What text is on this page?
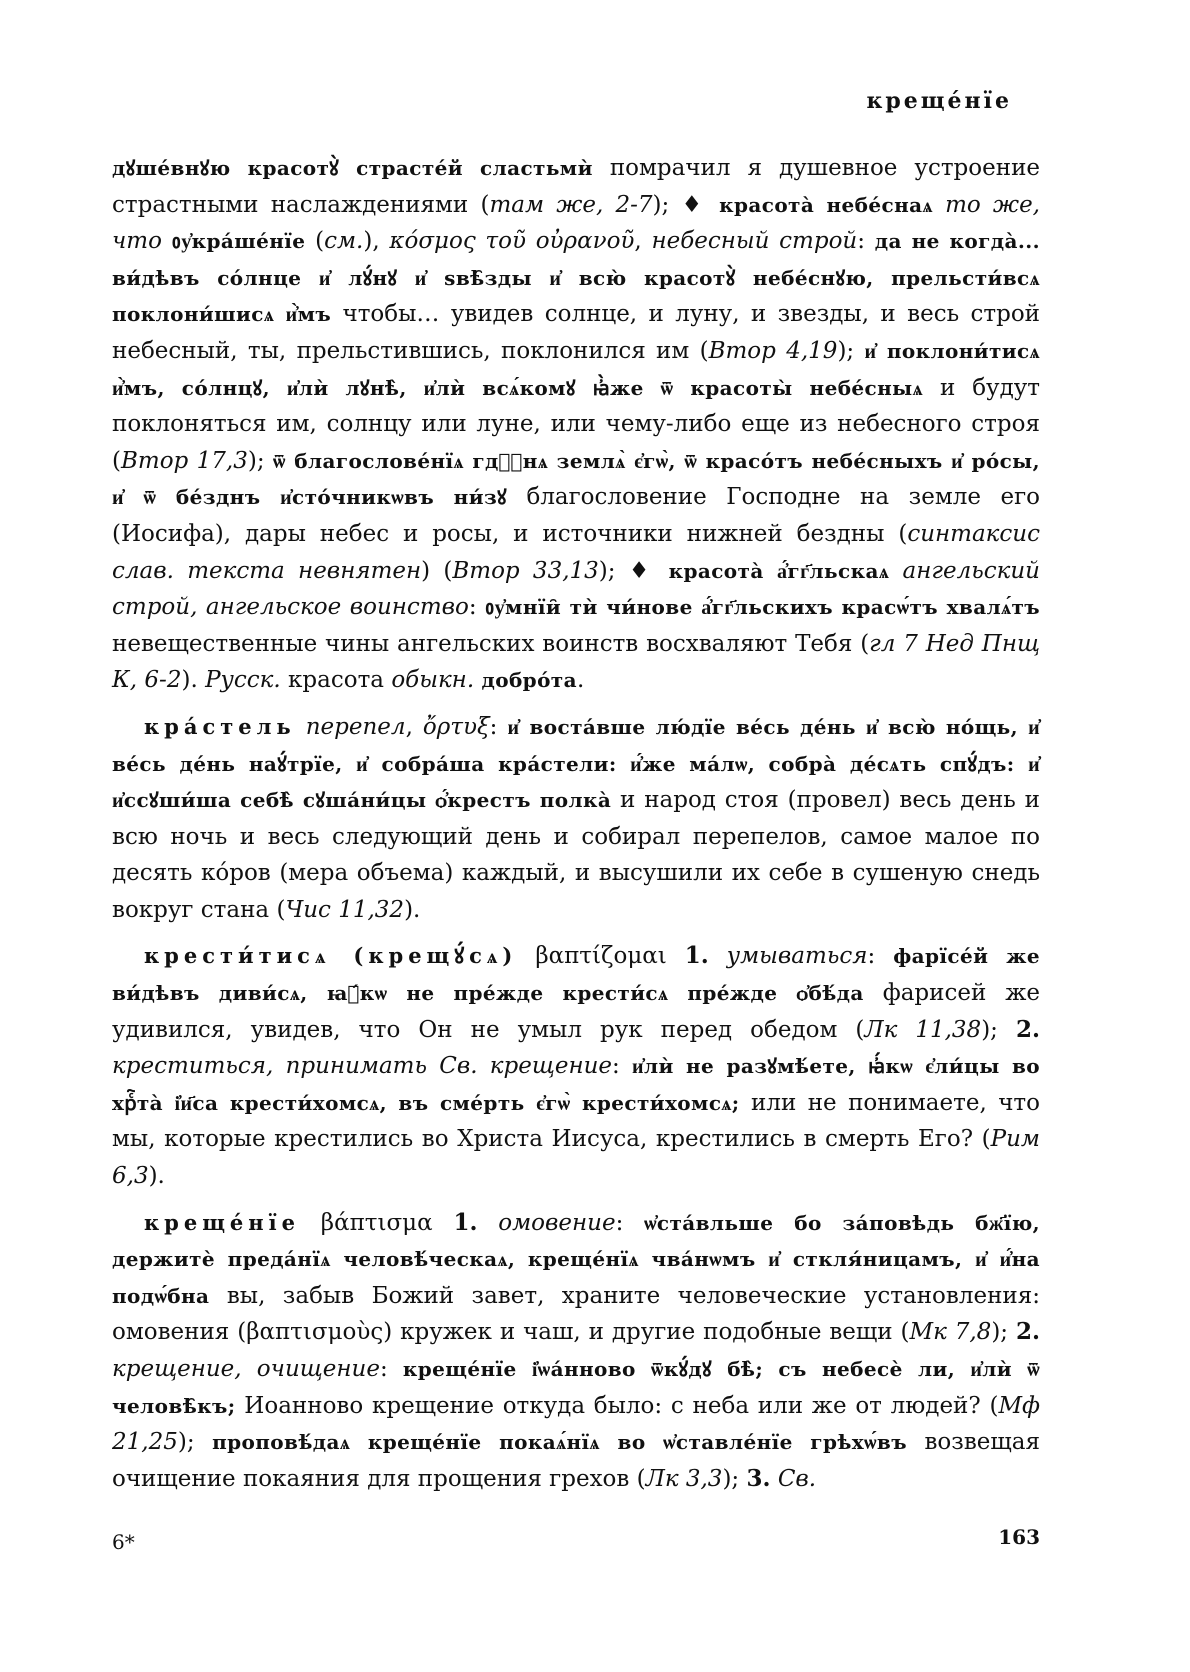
крещéнїе

дꙋшéвнꙋю красотꙋ̀ страстéй сластьмѝ помрачил я душевное устроение страстными наслаждениями (там же, 2-7); ♦ красотà небéснаѧ то же, что ᲂу҆кра́шéнїе (см.), κόσμος τοῦ οὐρανοῦ, небесный строй: да не когдà... ви́дѣвъ сóлнце и҆ лꙋ́нꙋ и҆ ѕвѣ̑зды и҆ всю̀ красотꙋ̀ небéснꙋю, прельсти́всѧ поклони́шисѧ и҆̀мъ чтобы… увидев солнце, и луну, и звезды, и весь строй небесный, ты, прельстившись, поклонился им (Втор 4,19); и҆ поклони́тисѧ и҆̀мъ, сóлнцꙋ, и҆лѝ лꙋнѣ̀, и҆лѝ всѧ́комꙋ ꙗ҆̀же ѿ красоты̀ небéсныѧ и будут поклоняться им, солнцу или луне, или чему-либо еще из небесного строя (Втор 17,3); ѿ благословéнїѧ гдⷭ҇нѧ землѧ̀ є҆гѡ̀, ѿ красóтъ небéсныхъ и҆ ро́сы, и҆ ѿ бе́зднъ и҆сто́чникѡвъ ни́зꙋ благословение Господне на земле его (Иосифа), дары небес и росы, и источники нижней бездны (синтаксис слав. текста невнятен) (Втор 33,13); ♦ красотà а҆́гг҃льскаѧ ангельский строй, ангельское воинство: ᲂу҆мнїи̑ тѝ чи́нове а҆́гг҃льскихъ красѡ́тъ хвалѧ́тъ невещественные чины ангельских воинств восхваляют Тебя (гл 7 Нед Пнщ К, 6-2). Русск. красота обыкн. добрóта.

крáстель перепел, ὄρτυξ: и҆ востáвше лю́дїе вéсь дéнь и҆ всю̀ но́щь, и҆ вéсь дéнь наꙋ́трїе, и҆ собра́ша крáстели: и҆́же мáлѡ, собрà дéсѧть спꙋ́дъ: и҆ и҆ссꙋши́ша себѣ̀ сꙋша́ни́цы ѻ҆́крестъ полкà и народ стоя (провел) весь день и всю ночь и весь следующий день и собирал перепелов, самое малое по десять кóров (мера объема) каждый, и высушили их себе в сушеную снедь вокруг стана (Чис 11,32).

крести́тисѧ (крещꙋ́сѧ) βαπτίζομαι 1. умываться: фарїсéй же ви́дѣвъ диви́сѧ, ꙗ҆́кѡ не пре́жде крести́сѧ пре́жде ѻ҆бѣ́да фарисей же удивился, увидев, что Он не умыл рук перед обедом (Лк 11,38); 2. креститься, принимать Св. крещение: и҆лѝ не разꙋмѣ́ете, ꙗ҆́кѡ є҆ли́цы во хрⷭ҇тà і҆и҃са крести́хомсѧ, въ смéрть є҆гѡ̀ крести́хомсѧ; или не понимаете, что мы, которые крестились во Христа Иисуса, крестились в смерть Его? (Рим 6,3).

крещéнїе βάπτισμα 1. омовение: ѡ҆ста́вльше бо за́повѣдь бж҃їю, держитѐ предáнїѧ человѣ́ческаѧ, крещéнїѧ чва́нѡмъ и҆ сткля́ницамъ, и҆ и҆́на подѡ́бна вы, забыв Божий завет, храните человеческие установления: омовения (βαπτισμοὺς) кружек и чаш, и другие подобные вещи (Мк 7,8); 2. крещение, очищение: крещéнїе і҆ѡа́нново ѿкꙋ́дꙋ бѣ̀; съ небесѐ ли, и҆лѝ ѿ человѣ̑къ; Иоанново крещение откуда было: с неба или же от людей? (Мф 21,25); проповѣ́даѧ крещéнїе покаѧ́нїѧ во ѡ҆ставлéнїе грѣхѡ́въ возвещая очищение покаяния для прощения грехов (Лк 3,3); 3. Св.

6*	163
